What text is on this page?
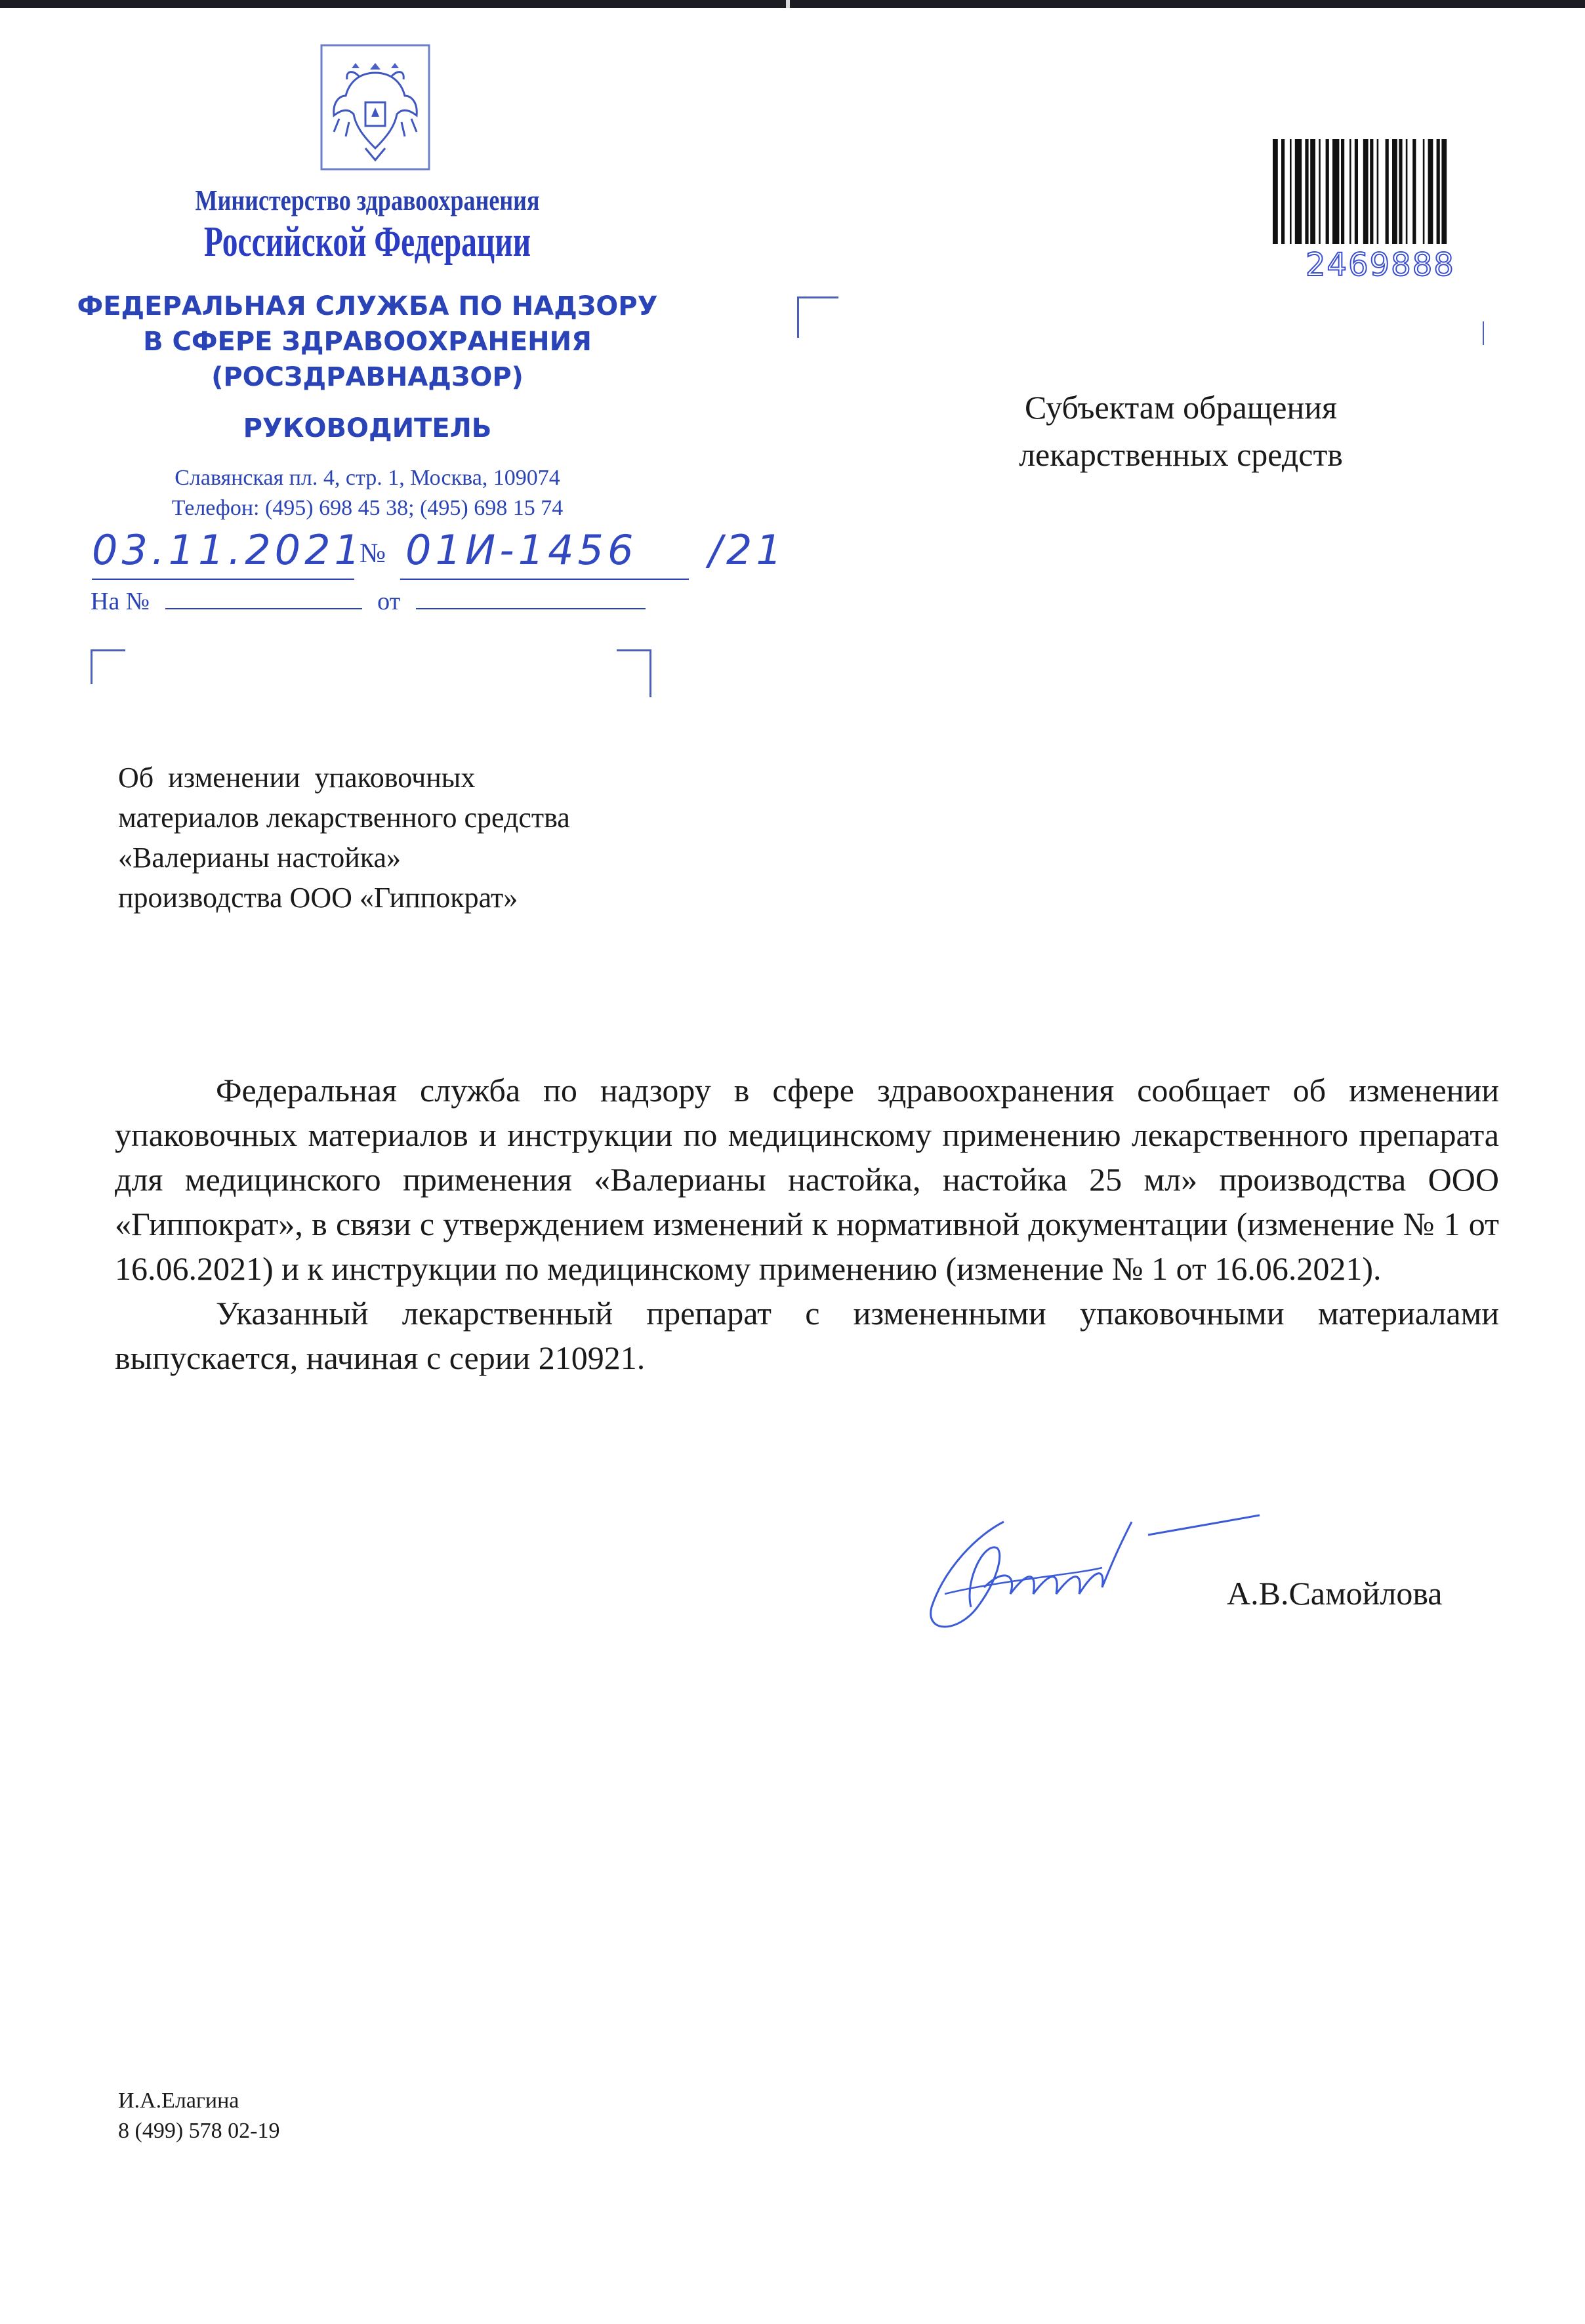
Министерство здравоохранения
Российской Федерации
ФЕДЕРАЛЬНАЯ СЛУЖБА ПО НАДЗОРУ
В СФЕРЕ ЗДРАВООХРАНЕНИЯ
(РОСЗДРАВНАДЗОР)
РУКОВОДИТЕЛЬ
Славянская пл. 4, стр. 1, Москва, 109074
Телефон: (495) 698 45 38; (495) 698 15 74
03.11.2021
№ 01И-1456 /21
На №	от
2469888
Субъектам обращения
лекарственных средств
Об  изменении  упаковочных
материалов лекарственного средства
«Валерианы настойка»
производства ООО «Гиппократ»

Федеральная служба по надзору в сфере здравоохранения сообщает об изменении упаковочных материалов и инструкции по медицинскому применению лекарственного препарата для медицинского применения «Валерианы настойка, настойка 25 мл» производства ООО «Гиппократ», в связи с утверждением изменений к нормативной документации (изменение № 1 от 16.06.2021) и к инструкции по медицинскому применению (изменение № 1 от 16.06.2021).

Указанный лекарственный препарат с измененными упаковочными материалами выпускается, начиная с серии 210921.

А.В.Самойлова
И.А.Елагина
8 (499) 578 02-19
